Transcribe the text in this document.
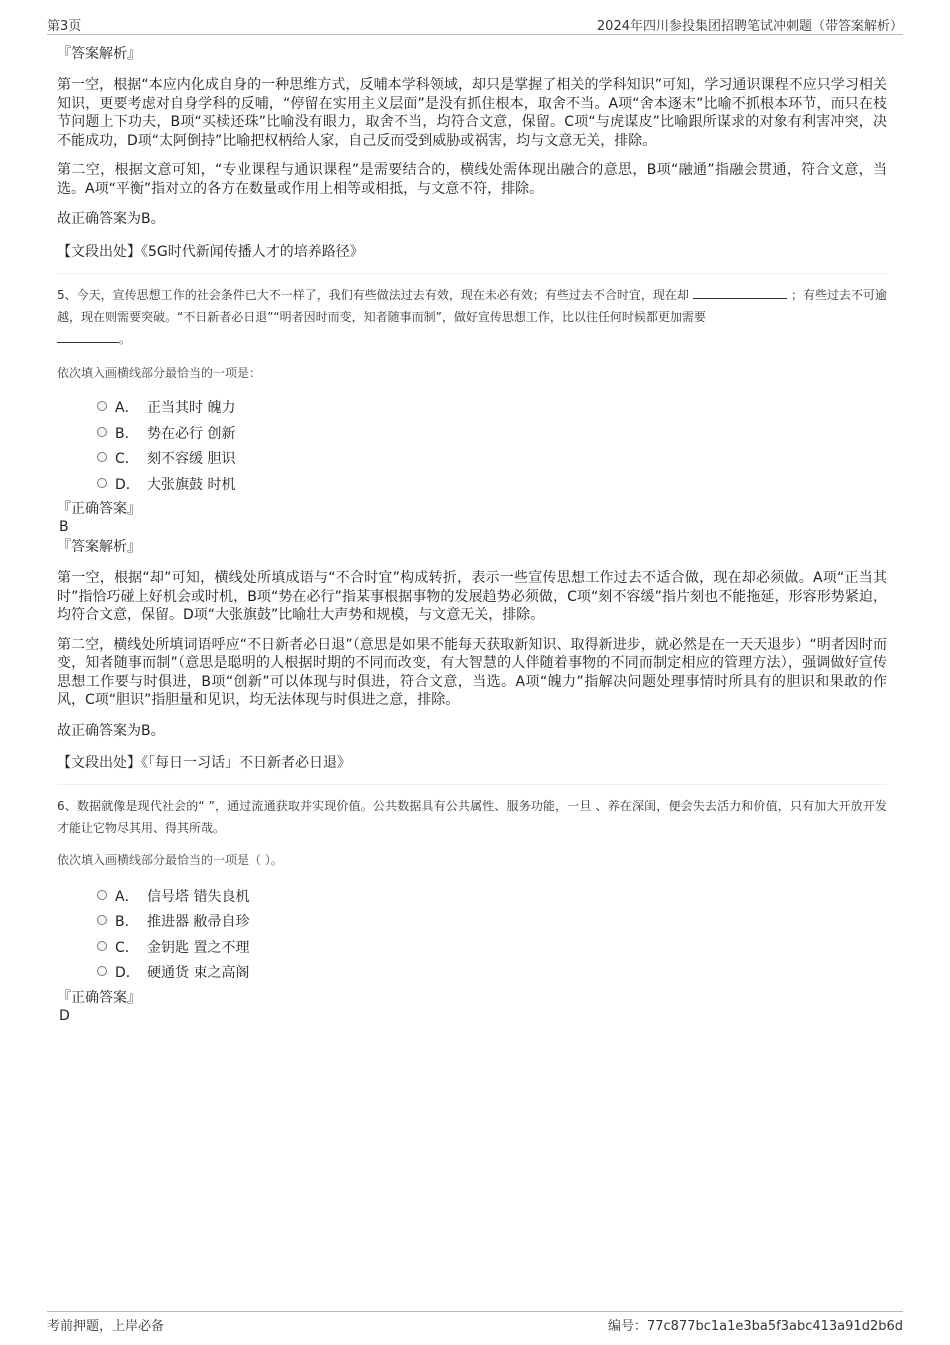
第3页	2024年四川参投集团招聘笔试冲刺题（带答案解析）

『答案解析』

第一空，根据“本应内化成自身的一种思维方式，反哺本学科领域，却只是掌握了相关的学科知识”可知，学习通识课程不应只学习相关知识，更要考虑对自身学科的反哺，“停留在实用主义层面”是没有抓住根本，取舍不当。A项“舍本逐末”比喻不抓根本环节，而只在枝节问题上下功夫，B项“买椟还珠”比喻没有眼力，取舍不当，均符合文意，保留。C项“与虎谋皮”比喻跟所谋求的对象有利害冲突，决不能成功，D项“太阿倒持”比喻把权柄给人家，自己反而受到威胁或祸害，均与文意无关，排除。

第二空，根据文意可知，“专业课程与通识课程”是需要结合的，横线处需体现出融合的意思，B项“融通”指融会贯通，符合文意，当选。A项“平衡”指对立的各方在数量或作用上相等或相抵，与文意不符，排除。

故正确答案为B。

【文段出处】《5G时代新闻传播人才的培养路径》

5、今天，宣传思想工作的社会条件已大不一样了，我们有些做法过去有效，现在未必有效；有些过去不合时宜，现在却	；有些过去不可逾越，现在则需要突破。“不日新者必日退”“明者因时而变，知者随事而制”，做好宣传思想工作，比以往任何时候都更加需要
。

依次填入画横线部分最恰当的一项是：

A． 正当其时 魄力
B． 势在必行 创新
C． 刻不容缓 胆识
D． 大张旗鼓 时机

『正确答案』

B

『答案解析』

第一空，根据“却”可知，横线处所填成语与“不合时宜”构成转折，表示一些宣传思想工作过去不适合做，现在却必须做。A项“正当其时”指恰巧碰上好机会或时机，B项“势在必行”指某事根据事物的发展趋势必须做，C项“刻不容缓”指片刻也不能拖延，形容形势紧迫，均符合文意，保留。D项“大张旗鼓”比喻壮大声势和规模，与文意无关，排除。

第二空，横线处所填词语呼应“不日新者必日退”（意思是如果不能每天获取新知识、取得新进步，就必然是在一天天退步）“明者因时而变，知者随事而制”（意思是聪明的人根据时期的不同而改变，有大智慧的人伴随着事物的不同而制定相应的管理方法），强调做好宣传思想工作要与时俱进，B项“创新”可以体现与时俱进，符合文意，当选。A项“魄力”指解决问题处理事情时所具有的胆识和果敢的作风，C项“胆识”指胆量和见识，均无法体现与时俱进之意，排除。

故正确答案为B。

【文段出处】《「每日一习话」不日新者必日退》

6、数据就像是现代社会的“ ”，通过流通获取并实现价值。公共数据具有公共属性、服务功能，一旦 、养在深闺，便会失去活力和价值，只有加大开放开发才能让它物尽其用、得其所哉。

依次填入画横线部分最恰当的一项是（ ）。

A． 信号塔 错失良机
B． 推进器 敝帚自珍
C． 金钥匙 置之不理
D． 硬通货 束之高阁

『正确答案』

D

考前押题，上岸必备	编号：77c877bc1a1e3ba5f3abc413a91d2b6d
